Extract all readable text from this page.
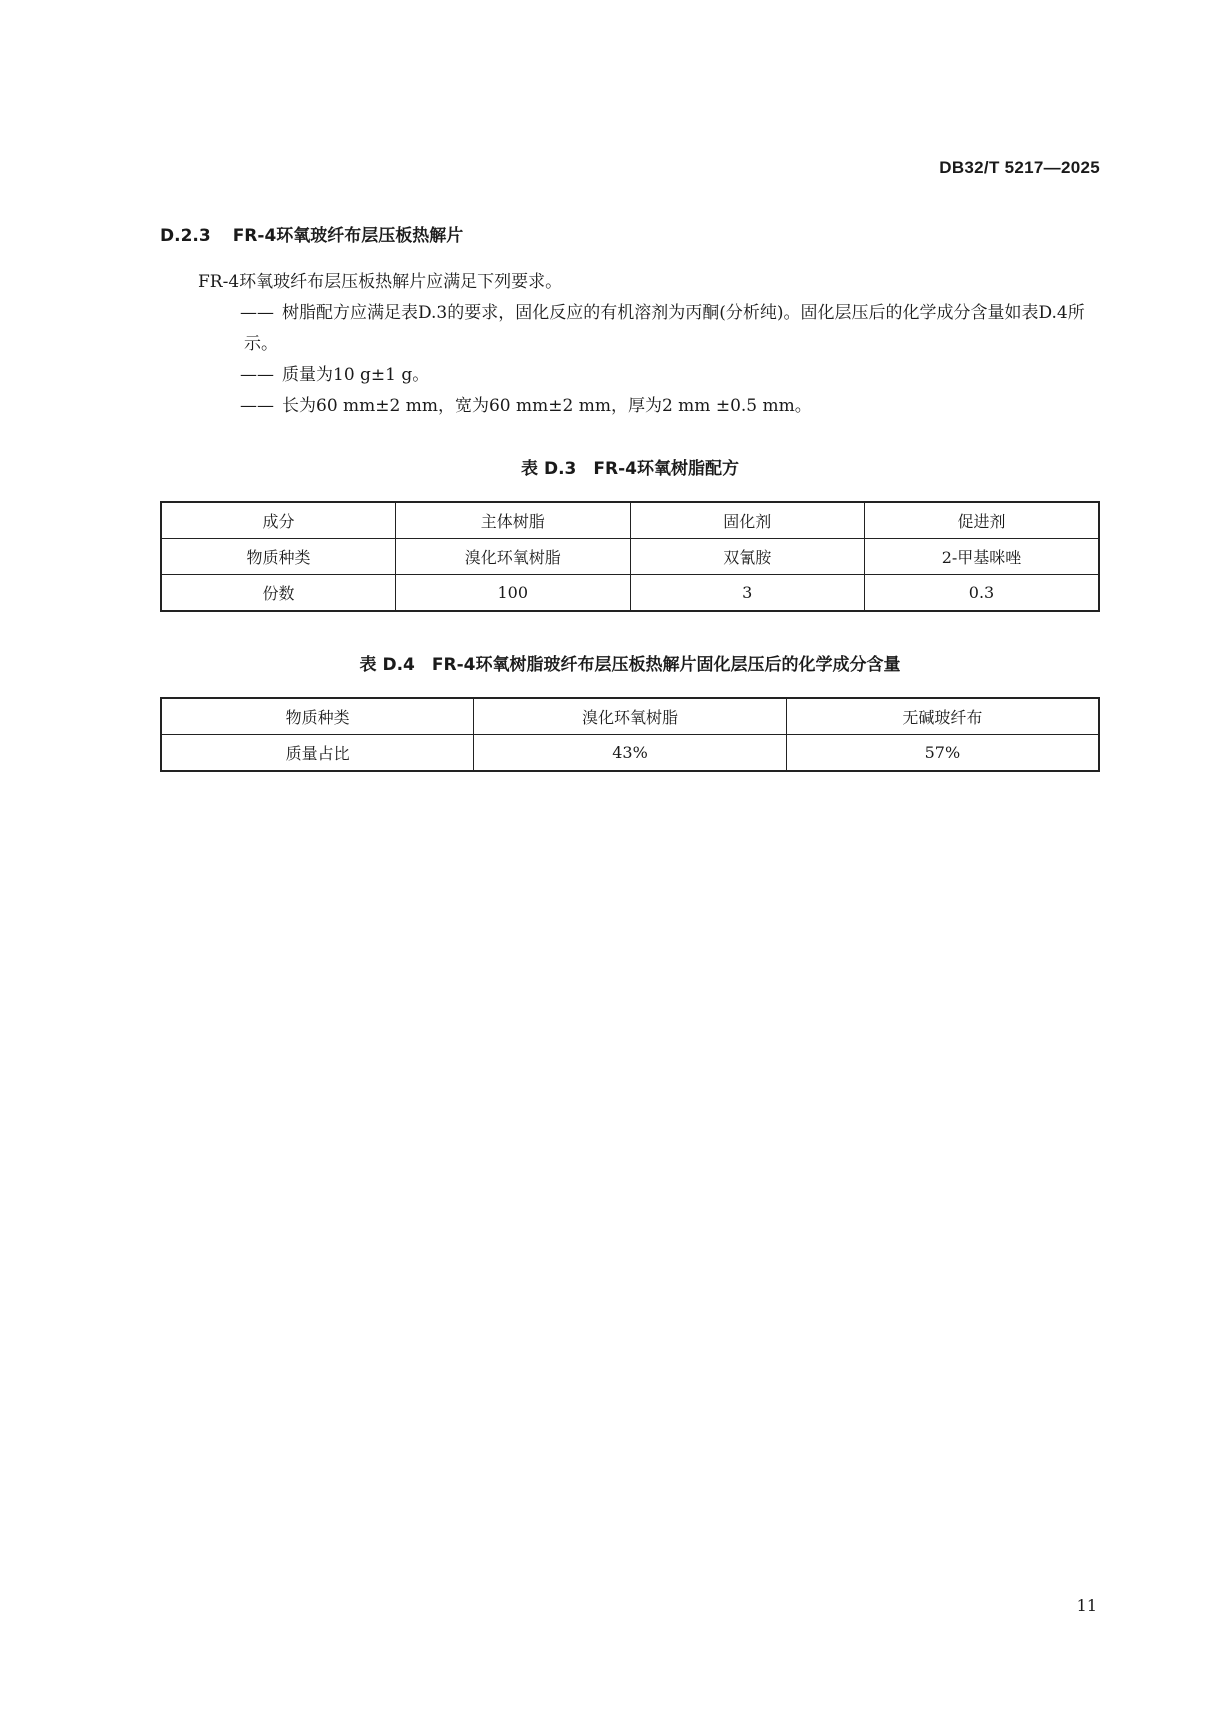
DB32/T 5217—2025
D.2.3 FR-4环氧玻纤布层压板热解片
FR-4环氧玻纤布层压板热解片应满足下列要求。
—— 树脂配方应满足表D.3的要求，固化反应的有机溶剂为丙酮(分析纯)。固化层压后的化学成分含量如表D.4所示。
—— 质量为10 g±1 g。
—— 长为60 mm±2 mm，宽为60 mm±2 mm，厚为2 mm ±0.5 mm。
表 D.3　FR-4环氧树脂配方
成分	主体树脂	固化剂	促进剂
物质种类	溴化环氧树脂	双氰胺	2-甲基咪唑
份数	100	3	0.3
表 D.4　FR-4环氧树脂玻纤布层压板热解片固化层压后的化学成分含量
物质种类	溴化环氧树脂	无碱玻纤布
质量占比	43%	57%
11
